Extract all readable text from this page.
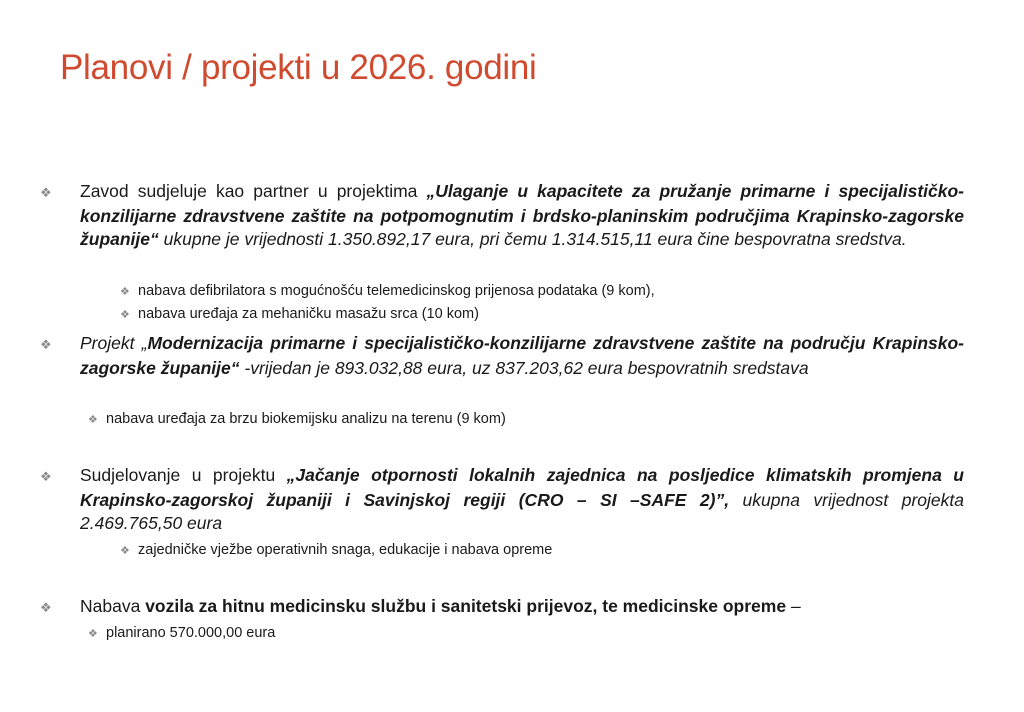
Planovi / projekti u 2026. godini
❖ Zavod sudjeluje kao partner u projektima „Ulaganje u kapacitete za pružanje primarne i specijalističko-konzilijarne zdravstvene zaštite na potpomognutim i brdsko-planinskim područjima Krapinsko-zagorske županije“ ukupne je vrijednosti 1.350.892,17 eura, pri čemu 1.314.515,11 eura čine bespovratna sredstva.
❖ nabava defibrilatora s mogućnošću telemedicinskog prijenosa podataka (9 kom),
❖ nabava uređaja za mehaničku masažu srca (10 kom)
❖ Projekt „Modernizacija primarne i specijalističko-konzilijarne zdravstvene zaštite na području Krapinsko-zagorske županije“ -vrijedan je 893.032,88 eura, uz 837.203,62 eura bespovratnih sredstava
❖ nabava uređaja za brzu biokemijsku analizu na terenu (9 kom)
❖ Sudjelovanje u projektu „Jačanje otpornosti lokalnih zajednica na posljedice klimatskih promjena u Krapinsko-zagorskoj županiji i Savinjskoj regiji (CRO – SI –SAFE 2)”, ukupna vrijednost projekta 2.469.765,50 eura
❖ zajedničke vježbe operativnih snaga, edukacije i nabava opreme
❖ Nabava vozila za hitnu medicinsku službu i sanitetski prijevoz, te medicinske opreme –
❖ planirano 570.000,00 eura
